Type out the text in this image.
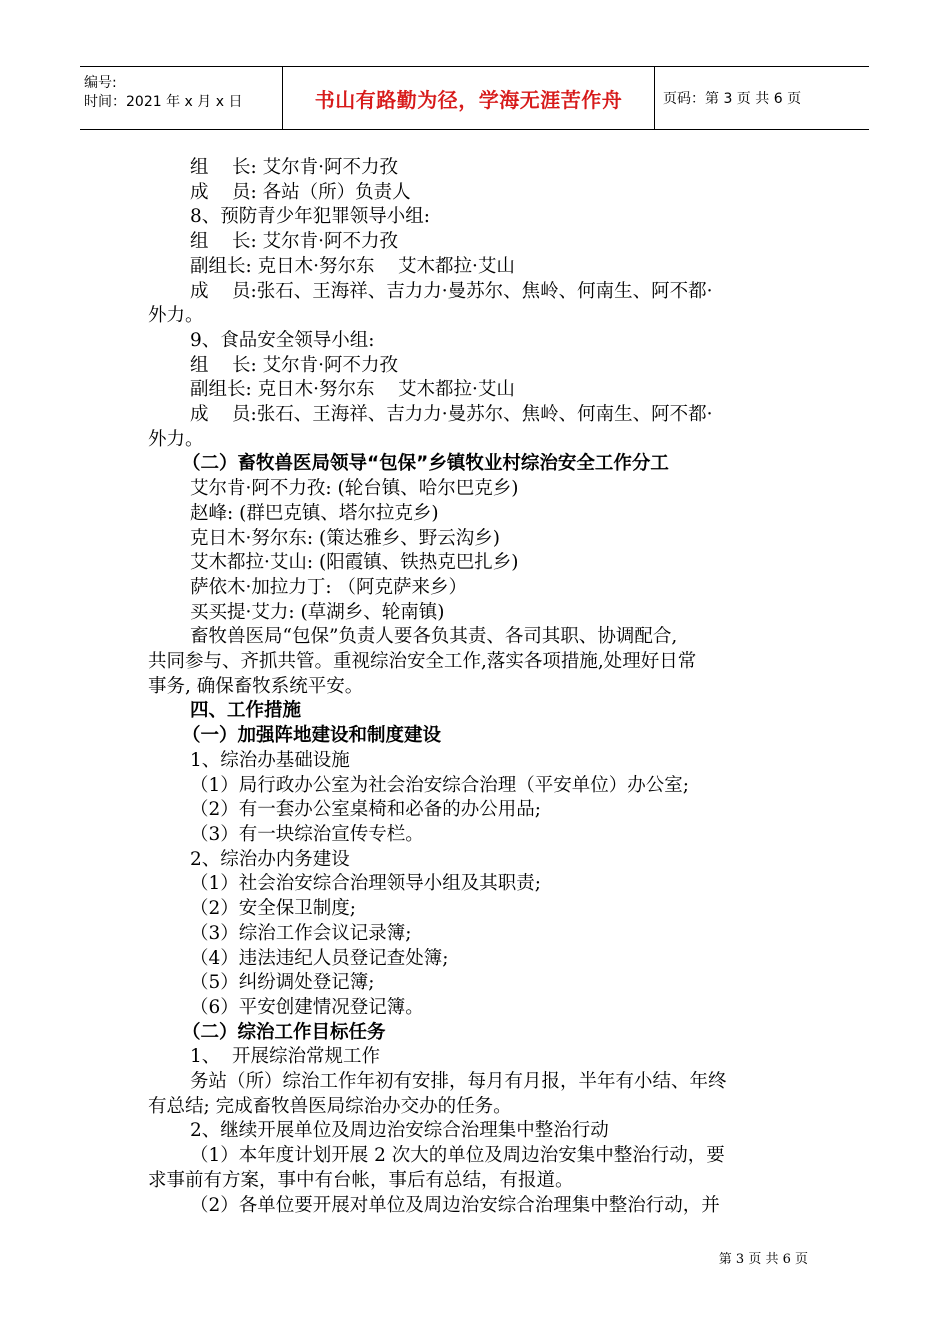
编号:
时间：2021 年 x 月 x 日	书山有路勤为径，学海无涯苦作舟	页码：第 3 页 共 6 页
组    长: 艾尔肯·阿不力孜
成    员: 各站（所）负责人
8、预防青少年犯罪领导小组:
组    长: 艾尔肯·阿不力孜
副组长: 克日木·努尔东    艾木都拉·艾山
成    员:张石、王海祥、吉力力·曼苏尔、焦岭、何南生、阿不都·
外力。
9、食品安全领导小组:
组    长: 艾尔肯·阿不力孜
副组长: 克日木·努尔东    艾木都拉·艾山
成    员:张石、王海祥、吉力力·曼苏尔、焦岭、何南生、阿不都·
外力。
（二）畜牧兽医局领导“包保”乡镇牧业村综治安全工作分工
艾尔肯·阿不力孜: (轮台镇、哈尔巴克乡)
赵峰: (群巴克镇、塔尔拉克乡)
克日木·努尔东: (策达雅乡、野云沟乡)
艾木都拉·艾山: (阳霞镇、铁热克巴扎乡)
萨依木·加拉力丁: （阿克萨来乡）
买买提·艾力: (草湖乡、轮南镇)
畜牧兽医局“包保”负责人要各负其责、各司其职、协调配合,
共同参与、齐抓共管。重视综治安全工作,落实各项措施,处理好日常
事务, 确保畜牧系统平安。
四、工作措施
（一）加强阵地建设和制度建设
1、综治办基础设施
（1）局行政办公室为社会治安综合治理（平安单位）办公室;
（2）有一套办公室桌椅和必备的办公用品;
（3）有一块综治宣传专栏。
2、综治办内务建设
（1）社会治安综合治理领导小组及其职责;
（2）安全保卫制度;
（3）综治工作会议记录簿;
（4）违法违纪人员登记查处簿;
（5）纠纷调处登记簿;
（6）平安创建情况登记簿。
（二）综治工作目标任务
1、  开展综治常规工作
务站（所）综治工作年初有安排，每月有月报，半年有小结、年终
有总结; 完成畜牧兽医局综治办交办的任务。
2、继续开展单位及周边治安综合治理集中整治行动
（1）本年度计划开展 2 次大的单位及周边治安集中整治行动，要
求事前有方案，事中有台帐，事后有总结，有报道。
（2）各单位要开展对单位及周边治安综合治理集中整治行动，并
第 3 页 共 6 页
